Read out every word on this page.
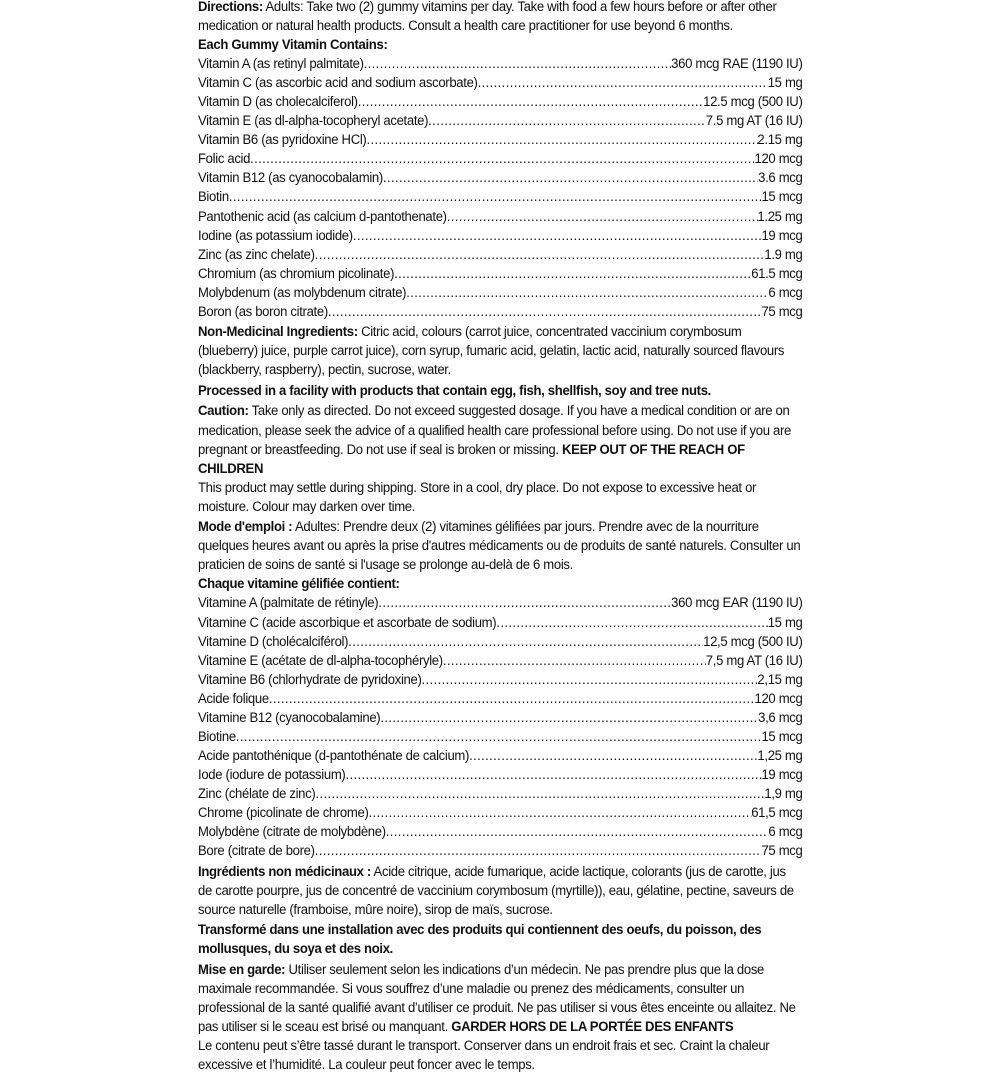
Directions: Adults: Take two (2) gummy vitamins per day. Take with food a few hours before or after other medication or natural health products. Consult a health care practitioner for use beyond 6 months.

Each Gummy Vitamin Contains:

Vitamin A (as retinyl palmitate) .....	360 mcg RAE (1190 IU)
Vitamin C (as ascorbic acid and sodium ascorbate) .....	15 mg
Vitamin D (as cholecalciferol) .....	12.5 mcg (500 IU)
Vitamin E (as dl-alpha-tocopheryl acetate) .....	7.5 mg AT (16 IU)
Vitamin B6 (as pyridoxine HCl) .....	2.15 mg
Folic acid .....	120 mcg
Vitamin B12 (as cyanocobalamin) .....	3.6 mcg
Biotin .....	15 mcg
Pantothenic acid (as calcium d-pantothenate) .....	1.25 mg
Iodine (as potassium iodide) .....	19 mcg
Zinc (as zinc chelate) .....	1.9 mg
Chromium (as chromium picolinate) .....	61.5 mcg
Molybdenum (as molybdenum citrate) .....	6 mcg
Boron (as boron citrate) .....	75 mcg

Non-Medicinal Ingredients: Citric acid, colours (carrot juice, concentrated vaccinium corymbosum (blueberry) juice, purple carrot juice), corn syrup, fumaric acid, gelatin, lactic acid, naturally sourced flavours (blackberry, raspberry), pectin, sucrose, water.

Processed in a facility with products that contain egg, fish, shellfish, soy and tree nuts.

Caution: Take only as directed. Do not exceed suggested dosage. If you have a medical condition or are on medication, please seek the advice of a qualified health care professional before using. Do not use if you are pregnant or breastfeeding. Do not use if seal is broken or missing. KEEP OUT OF THE REACH OF CHILDREN

This product may settle during shipping. Store in a cool, dry place. Do not expose to excessive heat or moisture. Colour may darken over time.

Mode d'emploi : Adultes: Prendre deux (2) vitamines gélifiées par jours. Prendre avec de la nourriture quelques heures avant ou après la prise d'autres médicaments ou de produits de santé naturels. Consulter un praticien de soins de santé si l'usage se prolonge au-delà de 6 mois.

Chaque vitamine gélifiée contient:

Vitamine A (palmitate de rétinyle) .....	360 mcg EAR (1190 IU)
Vitamine C (acide ascorbique et ascorbate de sodium) .....	15 mg
Vitamine D (cholécalciférol) .....	12,5 mcg (500 IU)
Vitamine E (acétate de dl-alpha-tocophéryle) .....	7,5 mg AT (16 IU)
Vitamine B6 (chlorhydrate de pyridoxine) .....	2,15 mg
Acide folique .....	120 mcg
Vitamine B12 (cyanocobalamine) .....	3,6 mcg
Biotine .....	15 mcg
Acide pantothénique (d-pantothénate de calcium) .....	1,25 mg
Iode (iodure de potassium) .....	19 mcg
Zinc (chélate de zinc) .....	1,9 mg
Chrome (picolinate de chrome) .....	61,5 mcg
Molybdène (citrate de molybdène) .....	6 mcg
Bore (citrate de bore) .....	75 mcg

Ingrédients non médicinaux : Acide citrique, acide fumarique, acide lactique, colorants (jus de carotte, jus de carotte pourpre, jus de concentré de vaccinium corymbosum (myrtille)), eau, gélatine, pectine, saveurs de source naturelle (framboise, mûre noire), sirop de maïs, sucrose.

Transformé dans une installation avec des produits qui contiennent des oeufs, du poisson, des mollusques, du soya et des noix.

Mise en garde: Utiliser seulement selon les indications d’un médecin. Ne pas prendre plus que la dose maximale recommandée. Si vous souffrez d’une maladie ou prenez des médicaments, consulter un professional de la santé qualifié avant d’utiliser ce produit. Ne pas utiliser si vous êtes enceinte ou allaitez. Ne pas utiliser si le sceau est brisé ou manquant. GARDER HORS DE LA PORTÉE DES ENFANTS

Le contenu peut s’être tassé durant le transport. Conserver dans un endroit frais et sec. Craint la chaleur excessive et l’humidité. La couleur peut foncer avec le temps.
